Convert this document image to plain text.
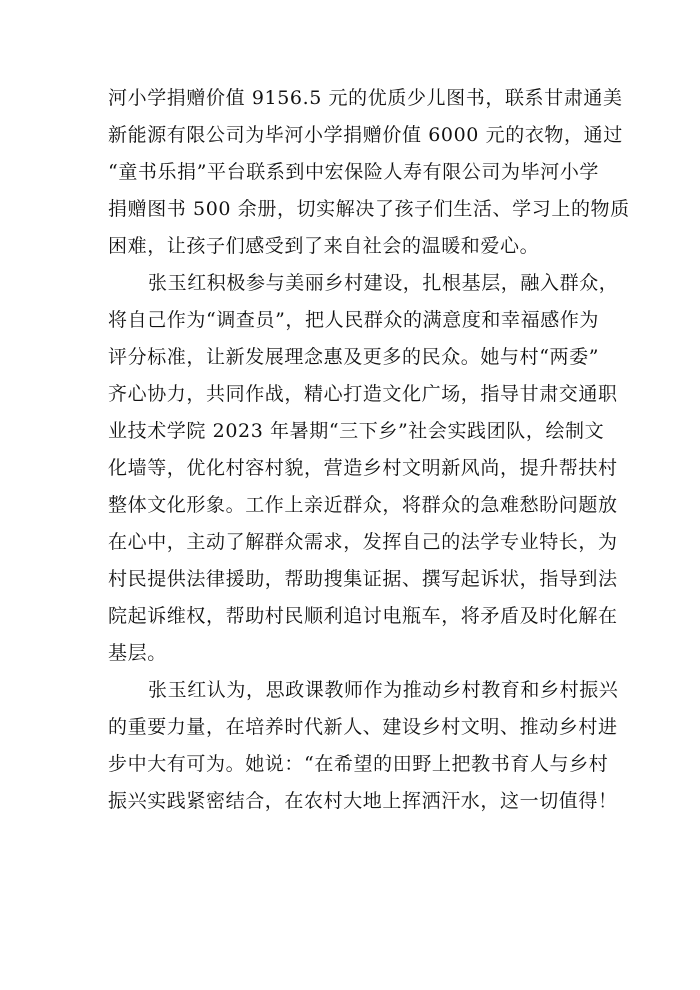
河小学捐赠价值 9156.5 元的优质少儿图书，联系甘肃通美
新能源有限公司为毕河小学捐赠价值 6000 元的衣物，通过
“童书乐捐”平台联系到中宏保险人寿有限公司为毕河小学
捐赠图书 500 余册，切实解决了孩子们生活、学习上的物质
困难，让孩子们感受到了来自社会的温暖和爱心。
张玉红积极参与美丽乡村建设，扎根基层，融入群众，
将自己作为“调查员”，把人民群众的满意度和幸福感作为
评分标准，让新发展理念惠及更多的民众。她与村“两委”
齐心协力，共同作战，精心打造文化广场，指导甘肃交通职
业技术学院 2023 年暑期“三下乡”社会实践团队，绘制文
化墙等，优化村容村貌，营造乡村文明新风尚，提升帮扶村
整体文化形象。工作上亲近群众，将群众的急难愁盼问题放
在心中，主动了解群众需求，发挥自己的法学专业特长，为
村民提供法律援助，帮助搜集证据、撰写起诉状，指导到法
院起诉维权，帮助村民顺利追讨电瓶车，将矛盾及时化解在
基层。
张玉红认为，思政课教师作为推动乡村教育和乡村振兴
的重要力量，在培养时代新人、建设乡村文明、推动乡村进
步中大有可为。她说：“在希望的田野上把教书育人与乡村
振兴实践紧密结合，在农村大地上挥洒汗水，这一切值得！
